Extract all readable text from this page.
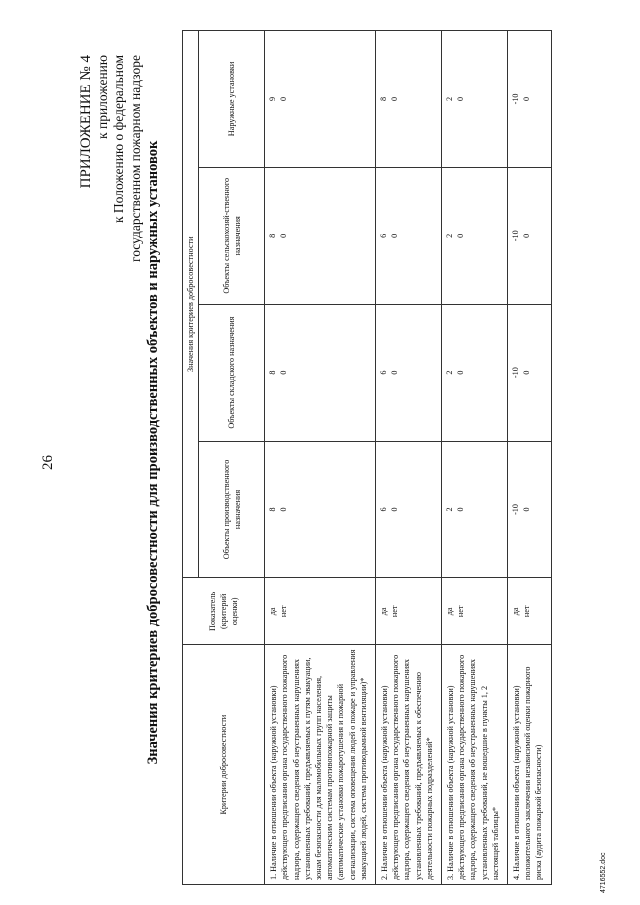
26
ПРИЛОЖЕНИЕ № 4 к приложению к Положению о федеральном государственном пожарном надзоре Значения критериев добросовестности для производственных объектов и наружных установок
Критерии добросовестности	Показатель (критерий оценки)	Значения критериев добросовестности			
		Объекты производственного назначения	Объекты складского назначения	Объекты сельскохозяй-ственного назначения	Наружные установки
1. Наличие в отношении объекта (наружной установки) действующего предписания органа государственного пожарного надзора, содержащего сведения об неустраненных нарушениях установленных требований, предъявляемых к путям эвакуации, зонам безопасности для маломобильных групп населения, автоматическим системам противопожарной защиты (автоматические установки пожаротушения и пожарной сигнализации, система оповещения людей о пожаре и управления эвакуацией людей, система противодымной вентиляции)*	да нет	8 0	8 0	8 0	9 0

2. Наличие в отношении объекта (наружной установки) действующего предписания органа государственного пожарного надзора, содержащего сведения об неустраненных нарушениях установленных требований, предъявляемых к обеспечению деятельности пожарных подразделений*	да нет	6 0	6 0	6 0	8 0

3. Наличие в отношении объекта (наружной установки) действующего предписания органа государственного пожарного надзора, содержащего сведения об неустраненных нарушениях установленных требований, не вошедшие в пункты 1, 2 настоящей таблицы*	да нет	2 0	2 0	2 0	2 0

4. Наличие в отношении объекта (наружной установки) положительного заключения независимой оценки пожарного риска (аудита пожарной безопасности)	да нет	-10 0	-10 0	-10 0	-10 0
4716552.doc
